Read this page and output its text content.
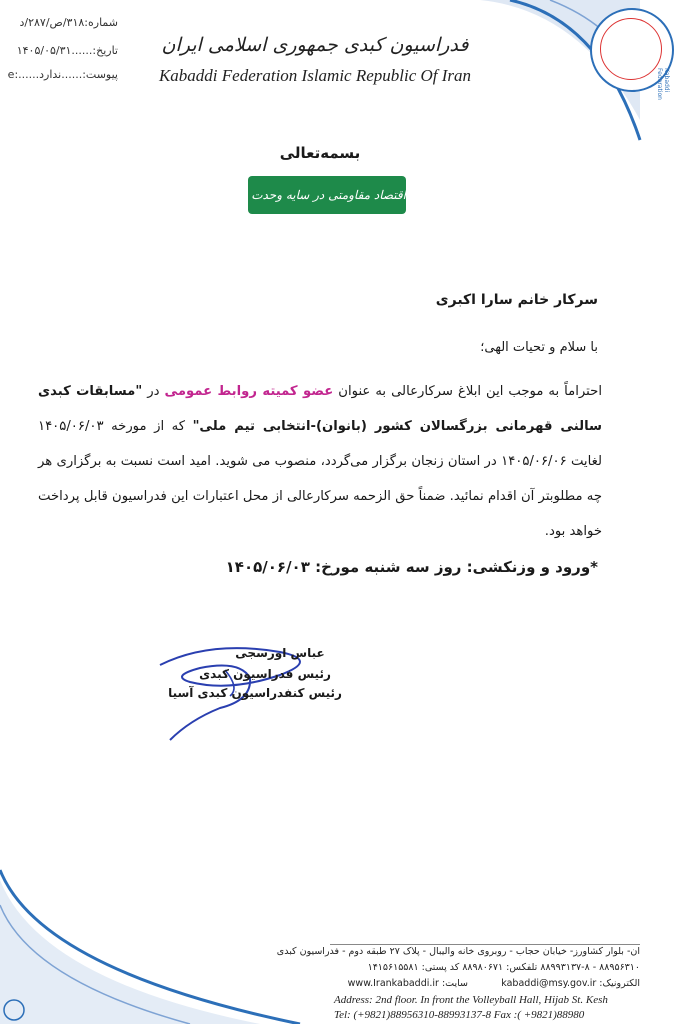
Kabaddi Federation
شماره:۳۱۸/ص/۲۸۷/د
تاریخ:......۱۴۰۵/۰۵/۳۱
پیوست:......ندارد......:e
فدراسیون کبدی جمهوری اسلامی ایران
Kabaddi Federation Islamic Republic Of Iran
بسمه‌تعالی
اقتصاد مقاومتی در سایه وحدت ملی و امنیت ملی
سرکار خانم سارا اکبری
با سلام و تحیات الهی؛
احتراماً به موجب این ابلاغ سرکارعالی به عنوان عضو کمیته روابط عمومی در "مسابقات کبدی سالنی قهرمانی بزرگسالان کشور (بانوان)-انتخابی تیم ملی" که از مورخه ۱۴۰۵/۰۶/۰۳ لغایت ۱۴۰۵/۰۶/۰۶ در استان زنجان برگزار می‌گردد، منصوب می شوید. امید است نسبت به برگزاری هر چه مطلوبتر آن اقدام نمائید. ضمناً حق الزحمه سرکارعالی از محل اعتبارات این فدراسیون قابل پرداخت خواهد بود.
*ورود و وزنکشی: روز سه شنبه مورخ: ۱۴۰۵/۰۶/۰۳
عباس اورسجی
رئیس فدراسیون کبدی
رئیس کنفدراسیون کبدی آسیا
ان- بلوار کشاورز- خیابان حجاب - روبروی خانه والیبال - پلاک ۲۷ طبقه دوم - فدراسیون کبدی
۸۸۹۵۶۳۱۰ - ۸۸۹۹۳۱۳۷-۸ تلفکس: ۸۸۹۸۰۶۷۱ کد پستی: ۱۴۱۵۶۱۵۵۸۱
الکترونیک: kabaddi@msy.gov.ir
سایت: www.Irankabaddi.ir
Address: 2nd floor. In front the Volleyball Hall, Hijab St. Kesh
Tel: (+9821)88956310-88993137-8 Fax :( +9821)88980
